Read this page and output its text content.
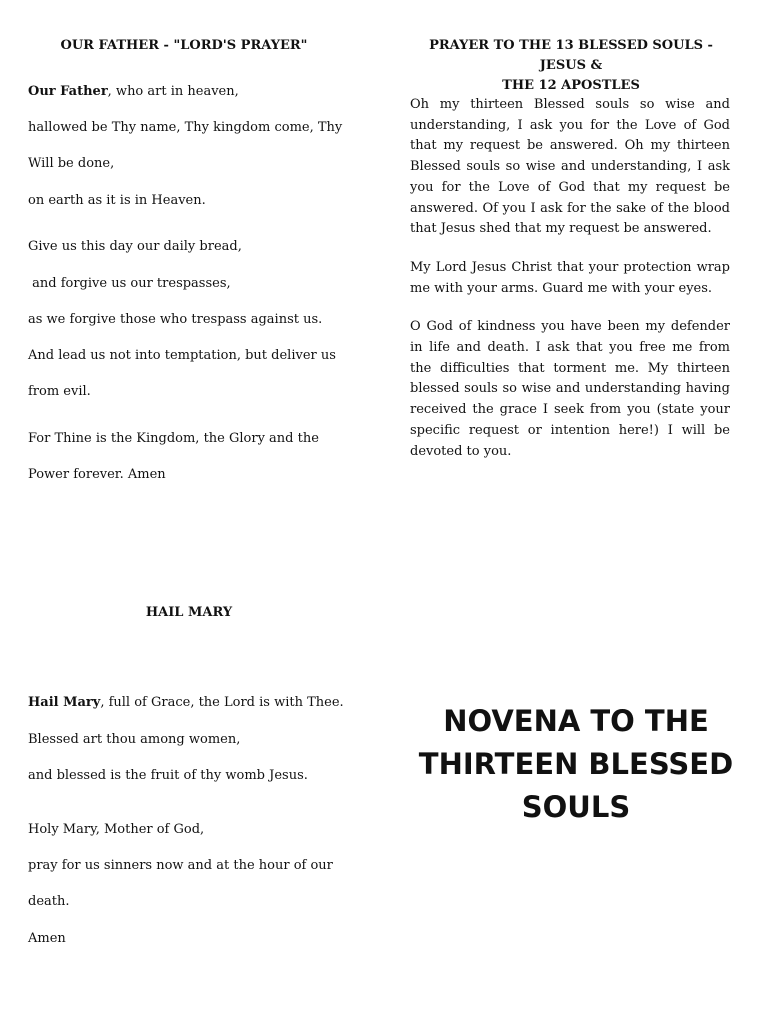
OUR FATHER - "LORD'S PRAYER"
Our Father, who art in heaven,
hallowed be Thy name, Thy kingdom come, Thy
Will be done,
on earth as it is in Heaven.
Give us this day our daily bread,
and forgive us our trespasses,
as we forgive those who trespass against us.
And lead us not into temptation, but deliver us
from evil.
For Thine is the Kingdom, the Glory and the
Power forever. Amen
PRAYER TO THE 13 BLESSED SOULS - JESUS &
THE 12 APOSTLES

Oh my thirteen Blessed souls so wise and understanding, I ask you for the Love of God that my request be answered. Oh my thirteen Blessed souls so wise and understanding, I ask you for the Love of God that my request be answered. Of you I ask for the sake of the blood that Jesus shed that my request be answered.

My Lord Jesus Christ that your protection wrap me with your arms. Guard me with your eyes.

O God of kindness you have been my defender in life and death. I ask that you free me from the difficulties that torment me. My thirteen blessed souls so wise and understanding having received the grace I seek from you (state your specific request or intention here!) I will be devoted to you.

HAIL MARY
Hail Mary, full of Grace, the Lord is with Thee.
Blessed art thou among women,
and blessed is the fruit of thy womb Jesus.
Holy Mary, Mother of God,
pray for us sinners now and at the hour of our
death.
Amen
NOVENA TO THE
THIRTEEN BLESSED
SOULS
